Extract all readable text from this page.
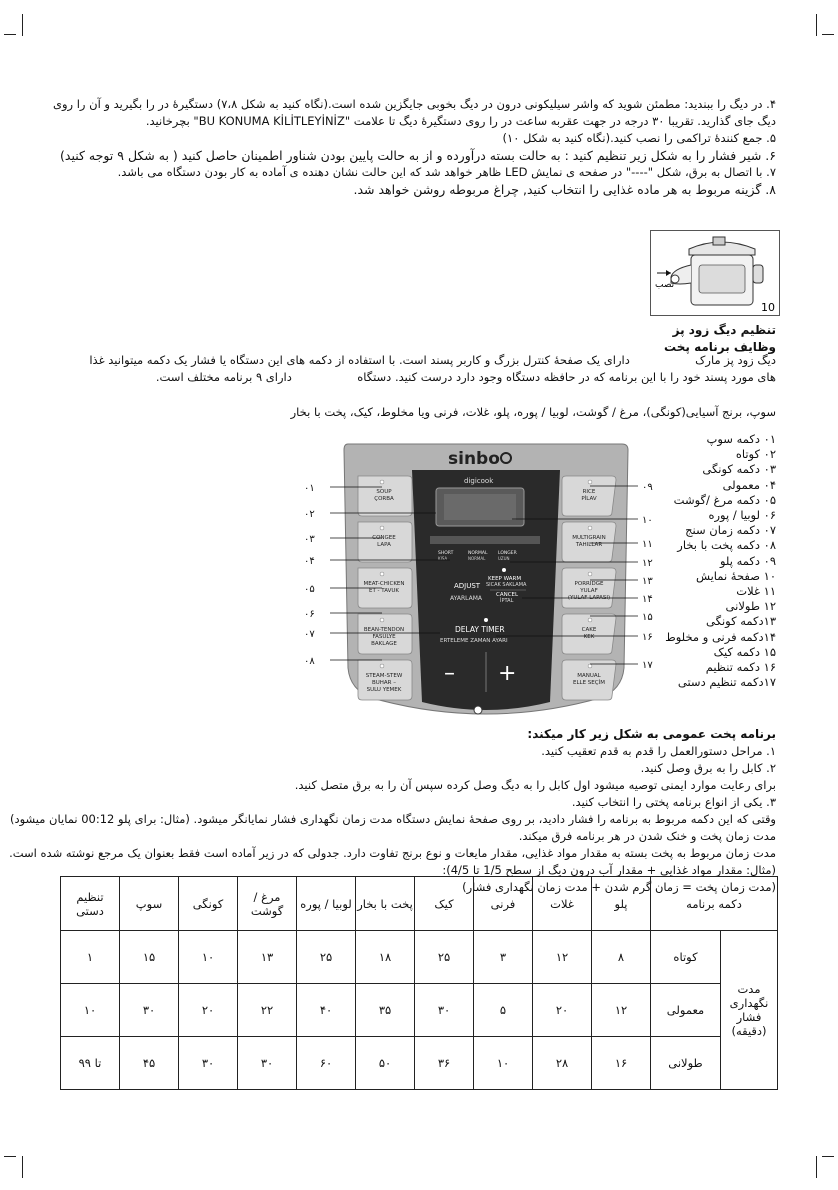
۴. در دیگ را ببندید: مطمئن شوید که واشر سیلیکونی درون در دیگ بخوبی جایگزین شده است.(نگاه کنید به شکل ۷،۸) دستگیرهٔ در را بگیرید و آن را روی
دیگ جای گذارید. تقریبا ۳۰ درجه در جهت عقربه ساعت در را روی دستگیرهٔ دیگ تا علامت "BU KONUMA KİLİTLEYİNİZ" بچرخانید.
۵. جمع کنندهٔ تراکمی را نصب کنید.(نگاه کنید به شکل ۱۰)
۶. شیر فشار را به شکل زیر تنظیم کنید : به حالت بسته درآورده و از به حالت پایین بودن شناور اطمینان حاصل کنید ( به شکل ۹ توجه کنید)
۷. با اتصال به برق، شکل "----" در صفحه ی نمایش LED ظاهر خواهد شد که این حالت نشان دهنده ی آماده به کار بودن دستگاه می باشد.
۸. گزینه مربوط به هر ماده غذایی را انتخاب کنید, چراغ مربوطه روشن خواهد شد.
نصب
10
تنظیم دیگ زود پز
وظایف برنامه پخت
دیگ زود پز مارک  دارای یک صفحهٔ کنترل بزرگ و کاربر پسند است. با استفاده از دکمه های این دستگاه یا فشار یک دکمه میتوانید غذا
های مورد پسند خود را با این برنامه که در حافظه دستگاه وجود دارد درست کنید. دستگاه  دارای ۹ برنامه مختلف است.
سوپ، برنج آسیایی(کونگی)، مرغ / گوشت، لوبیا / پوره، پلو، غلات، فرنی ویا مخلوط، کیک، پخت با بخار
sinbo
digicook
SHORT
KISA
NORMAL
NORMAL
LONGER
UZUN
ADJUST
AYARLAMA
KEEP WARM
SICAK SAKLAMA
CANCEL
İPTAL
DELAY TIMER
ERTELEME ZAMAN AYARI
– +
SOUP
ÇORBA
CONGEE
LAPA
MEAT-CHICKEN
ET - TAVUK
BEAN-TENDON
FASULYE
BAKLAGE
STEAM-STEW
BUHAR –
SULU YEMEK
RICE
PİLAV
MULTIGRAIN
TAHILLAR
PORRIDGE
YULAF
(YULAF LAPASI)
CAKE
KEK
MANUAL
ELLE SEÇİM
۰۱
۰۲
۰۳
۰۴
۰۵
۰۶
۰۷
۰۸
۰۹
۱۰
۱۱
۱۲
۱۳
۱۴
۱۵
۱۶
۱۷
۰۱ دکمه سوپ
۰۲ کوتاه
۰۳ دکمه کونگی
۰۴ معمولی
۰۵ دکمه مرغ /گوشت
۰۶ لوبیا / پوره
۰۷ دکمه زمان سنج
۰۸ دکمه پخت با بخار
۰۹ دکمه پلو
۱۰ صفحهٔ نمایش
۱۱ غلات
۱۲ طولانی
۱۳دکمه کونگی
۱۴دکمه فرنی و مخلوط
۱۵ دکمه کیک
۱۶ دکمه تنظیم
۱۷دکمه تنظیم دستی
برنامه پخت عمومی به شکل زیر کار میکند:
۱. مراحل دستورالعمل را قدم به قدم تعقیب کنید.
۲. کابل را به برق وصل کنید.
برای رعایت موارد ایمنی توصیه میشود اول کابل را به دیگ وصل کرده سپس آن را به برق متصل کنید.
۳. یکی از انواع برنامه پختی را انتخاب کنید.
وقتی که این دکمه مربوط به برنامه را فشار دادید، بر روی صفحهٔ نمایش دستگاه مدت زمان نگهداری فشار نمایانگر میشود. (مثال: برای پلو 00:12 نمایان میشود)
مدت زمان پخت و خنک شدن در هر برنامه فرق میکند.
مدت زمان مربوط به پخت بسته به مقدار مواد غذایی، مقدار مایعات و نوع برنج تفاوت دارد. جدولی که در زیر آماده است فقط بعنوان یک مرجع نوشته شده است.
(مثال: مقدار مواد غذایی + مقدار آب درون دیگ از سطح 1/5 تا 4/5):
(مدت زمان پخت = زمان گرم شدن + مدت زمان نگهداری فشار)
دکمه برنامه		پلو	غلات	فرنی	کیک	پخت با بخار	لوبیا / پوره	مرغ /گوشت	کونگی	سوپ	تنظیم دستی
مدت نگهداری فشار (دقیقه)	کوتاه	۸	۱۲	۳	۲۵	۱۸	۲۵	۱۳	۱۰	۱۵	۱
	معمولی	۱۲	۲۰	۵	۳۰	۳۵	۴۰	۲۲	۲۰	۳۰	۱۰
	طولانی	۱۶	۲۸	۱۰	۳۶	۵۰	۶۰	۳۰	۳۰	۴۵	تا ۹۹
